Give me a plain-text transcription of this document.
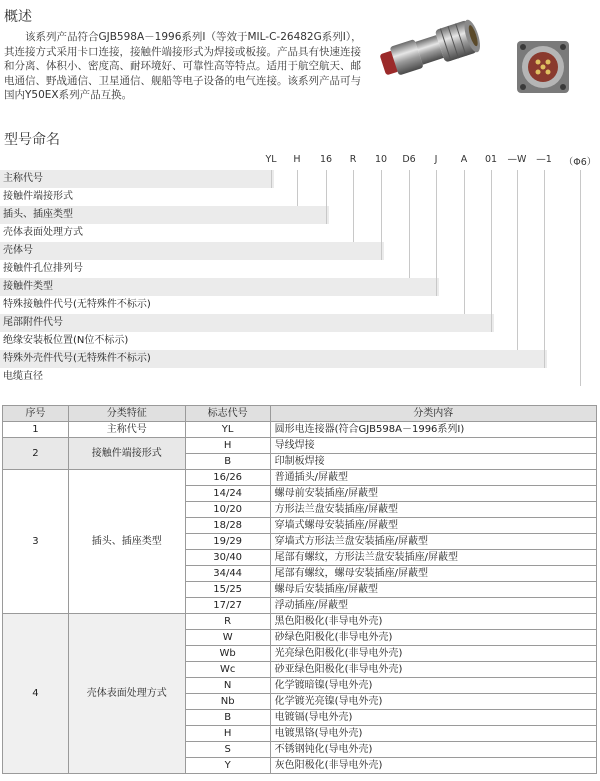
概述

该系列产品符合GJB598A－1996系列Ⅰ（等效于MIL-C-26482G系列Ⅰ），其连接方式采用卡口连接，接触件端接形式为焊接或板接。产品具有快速连接和分离、体积小、密度高、耐环境好、可靠性高等特点。适用于航空航天、邮电通信、野战通信、卫星通信、舰船等电子设备的电气连接。该系列产品可与国内Y50EX系列产品互换。

型号命名
YL	H	16	R	10	D6	J	A	01	—W	—1	（Φ6）
主称代号
接触件端接形式
插头、插座类型
壳体表面处理方式
壳体号
接触件孔位排列号
接触件类型
特殊接触件代号(无特殊件不标示)
尾部附件代号
绝缘安装板位置(N位不标示)
特殊外壳件代号(无特殊件不标示)
电缆直径
序号	分类特征	标志代号	分类内容
1	主称代号	YL	圆形电连接器(符合GJB598A－1996系列Ⅰ)
2	接触件端接形式	H	导线焊接
		B	印制板焊接
3	插头、插座类型	16/26	普通插头/屏蔽型
		14/24	螺母前安装插座/屏蔽型
		10/20	方形法兰盘安装插座/屏蔽型
		18/28	穿墙式螺母安装插座/屏蔽型
		19/29	穿墙式方形法兰盘安装插座/屏蔽型
		30/40	尾部有螺纹，方形法兰盘安装插座/屏蔽型
		34/44	尾部有螺纹，螺母安装插座/屏蔽型
		15/25	螺母后安装插座/屏蔽型
		17/27	浮动插座/屏蔽型
4	壳体表面处理方式	R	黑色阳极化(非导电外壳)
		W	砂绿色阳极化(非导电外壳)
		Wb	光亮绿色阳极化(非导电外壳)
		Wc	砂亚绿色阳极化(非导电外壳)
		N	化学镀暗镍(导电外壳)
		Nb	化学镀光亮镍(导电外壳)
		B	电镀镉(导电外壳)
		H	电镀黑铬(导电外壳)
		S	不锈钢钝化(导电外壳)
		Y	灰色阳极化(非导电外壳)
